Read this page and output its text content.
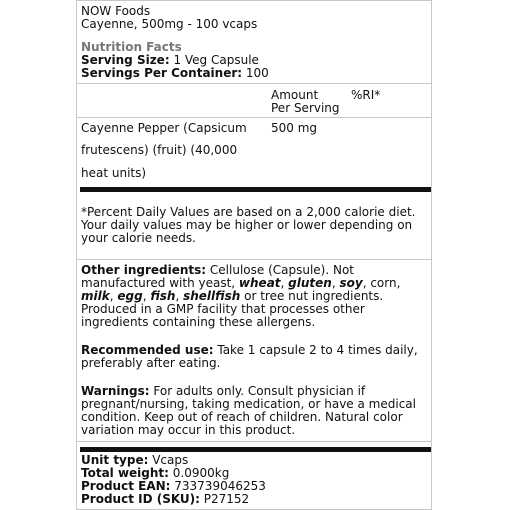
NOW Foods
Cayenne, 500mg - 100 vcaps
Nutrition Facts
Serving Size: 1 Veg Capsule
Servings Per Container: 100
Amount
Per Serving
%RI*
Cayenne Pepper (Capsicum
frutescens) (fruit) (40,000
heat units)
500 mg
*Percent Daily Values are based on a 2,000 calorie diet.
Your daily values may be higher or lower depending on
your calorie needs.
Other ingredients: Cellulose (Capsule). Not
manufactured with yeast, wheat, gluten, soy, corn,
milk, egg, fish, shellfish or tree nut ingredients.
Produced in a GMP facility that processes other
ingredients containing these allergens.
Recommended use: Take 1 capsule 2 to 4 times daily,
preferably after eating.
Warnings: For adults only. Consult physician if
pregnant/nursing, taking medication, or have a medical
condition. Keep out of reach of children. Natural color
variation may occur in this product.
Unit type: Vcaps
Total weight: 0.0900kg
Product EAN: 733739046253
Product ID (SKU): P27152
